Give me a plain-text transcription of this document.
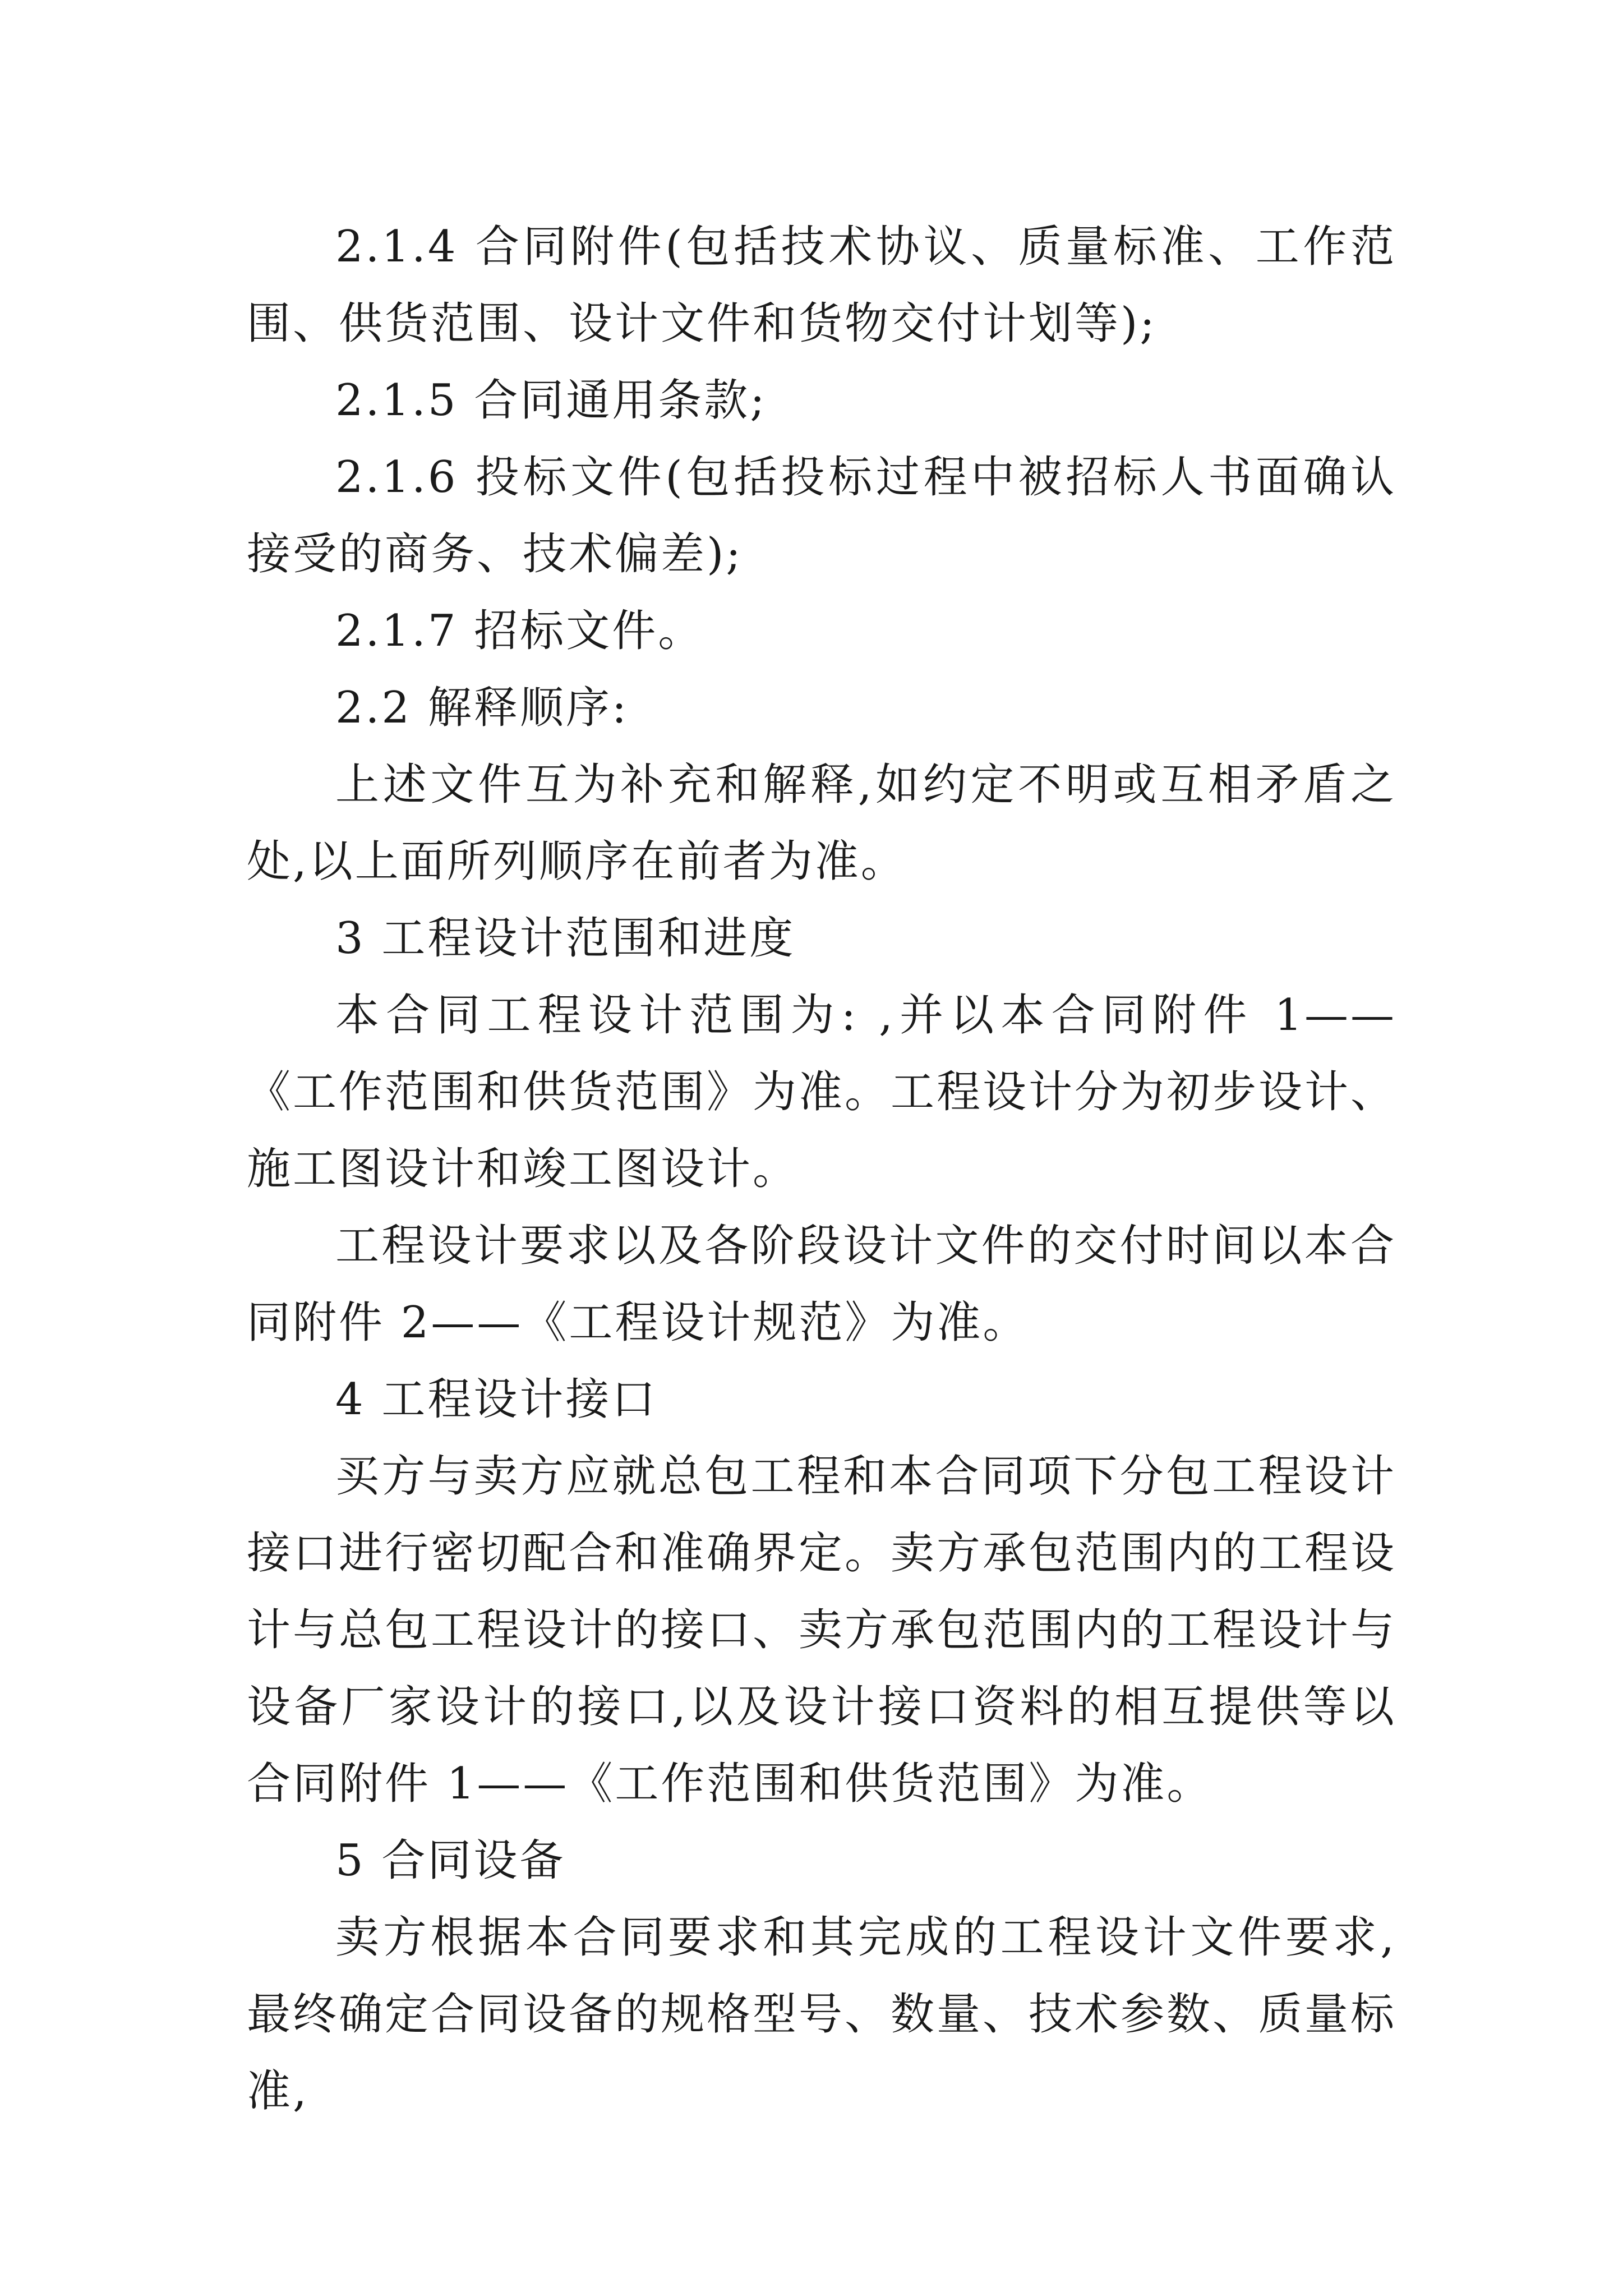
2.1.4 合同附件(包括技术协议、质量标准、工作范围、供货范围、设计文件和货物交付计划等);

2.1.5 合同通用条款;

2.1.6 投标文件(包括投标过程中被招标人书面确认接受的商务、技术偏差);

2.1.7 招标文件。

2.2 解释顺序:

上述文件互为补充和解释,如约定不明或互相矛盾之处,以上面所列顺序在前者为准。

3 工程设计范围和进度

本合同工程设计范围为: ,并以本合同附件 1——《工作范围和供货范围》为准。工程设计分为初步设计、施工图设计和竣工图设计。

工程设计要求以及各阶段设计文件的交付时间以本合同附件 2——《工程设计规范》为准。

4 工程设计接口

买方与卖方应就总包工程和本合同项下分包工程设计接口进行密切配合和准确界定。卖方承包范围内的工程设计与总包工程设计的接口、卖方承包范围内的工程设计与设备厂家设计的接口,以及设计接口资料的相互提供等以合同附件 1——《工作范围和供货范围》为准。

5 合同设备

卖方根据本合同要求和其完成的工程设计文件要求,最终确定合同设备的规格型号、数量、技术参数、质量标准,
